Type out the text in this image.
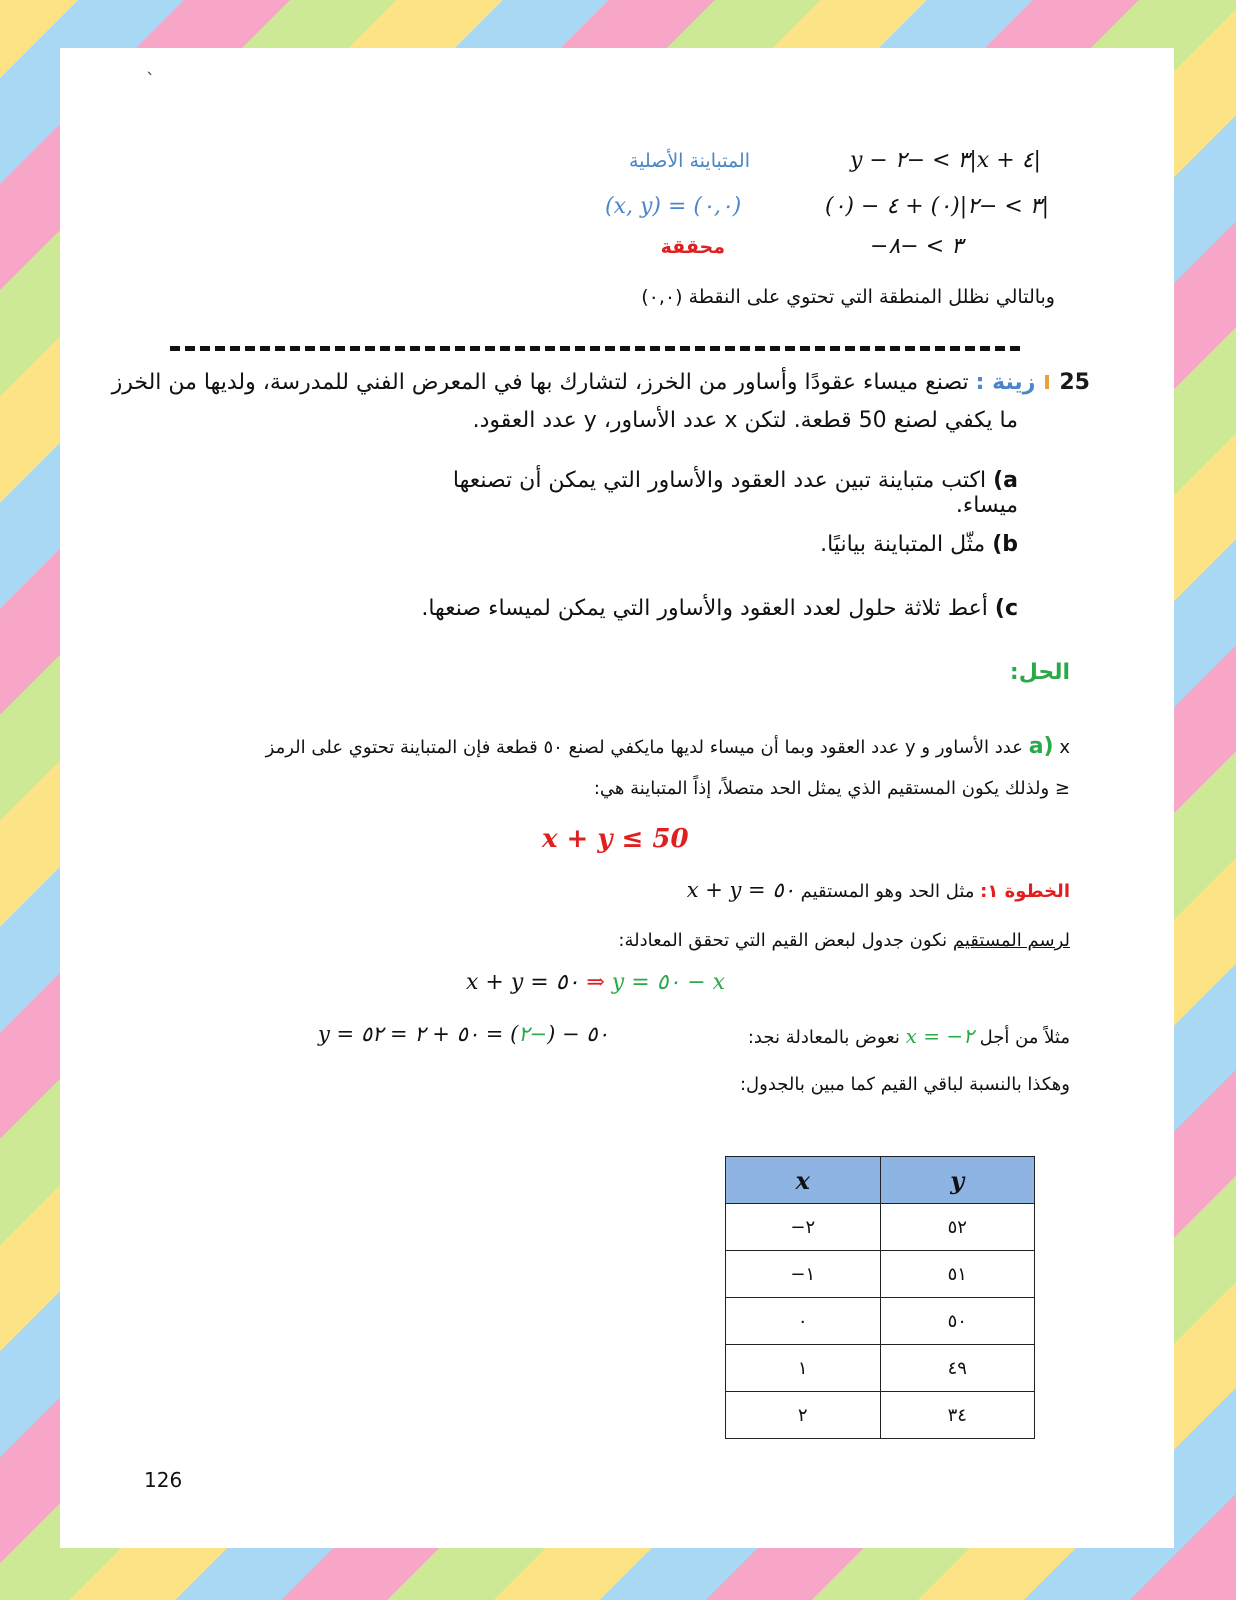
`
المتباينة الأصلية	y − ٣ > −٢|x + ٤|
(x, y) = (٠,٠)	(٠) − ٣ > −٢|(٠) + ٤|
محققة	−٣ > −٨
وبالتالي نظلل المنطقة التي تحتوي على النقطة (٠,٠)
25  زينة : تصنع ميساء عقودًا وأساور من الخرز، لتشارك بها في المعرض الفني للمدرسة، ولديها من الخرز
ما يكفي لصنع 50 قطعة. لتكن x عدد الأساور، y عدد العقود.
a) اكتب متباينة تبين عدد العقود والأساور التي يمكن أن تصنعها ميساء.
b) مثّل المتباينة بيانيًا.
c) أعط ثلاثة حلول لعدد العقود والأساور التي يمكن لميساء صنعها.
الحل:
a) x عدد الأساور و y عدد العقود وبما أن ميساء لديها مايكفي لصنع ٥٠ قطعة فإن المتباينة تحتوي على الرمز
≤ ولذلك يكون المستقيم الذي يمثل الحد متصلاً، إذاً المتباينة هي:
x + y ≤ 50
الخطوة ١: مثل الحد وهو المستقيم x + y = ٥٠
لرسم المستقيم نكون جدول لبعض القيم التي تحقق المعادلة:
x + y = ٥٠ ⇒ y = ٥٠ − x
y = ٥٠ − (−٢) = ٥٠ + ٢ = ٥٢	مثلاً من أجل x = −٢ نعوض بالمعادلة نجد:
وهكذا بالنسبة لباقي القيم كما مبين بالجدول:
x	y
−٢	٥٢
−١	٥١
٠	٥٠
١	٤٩
٢	٣٤
126
